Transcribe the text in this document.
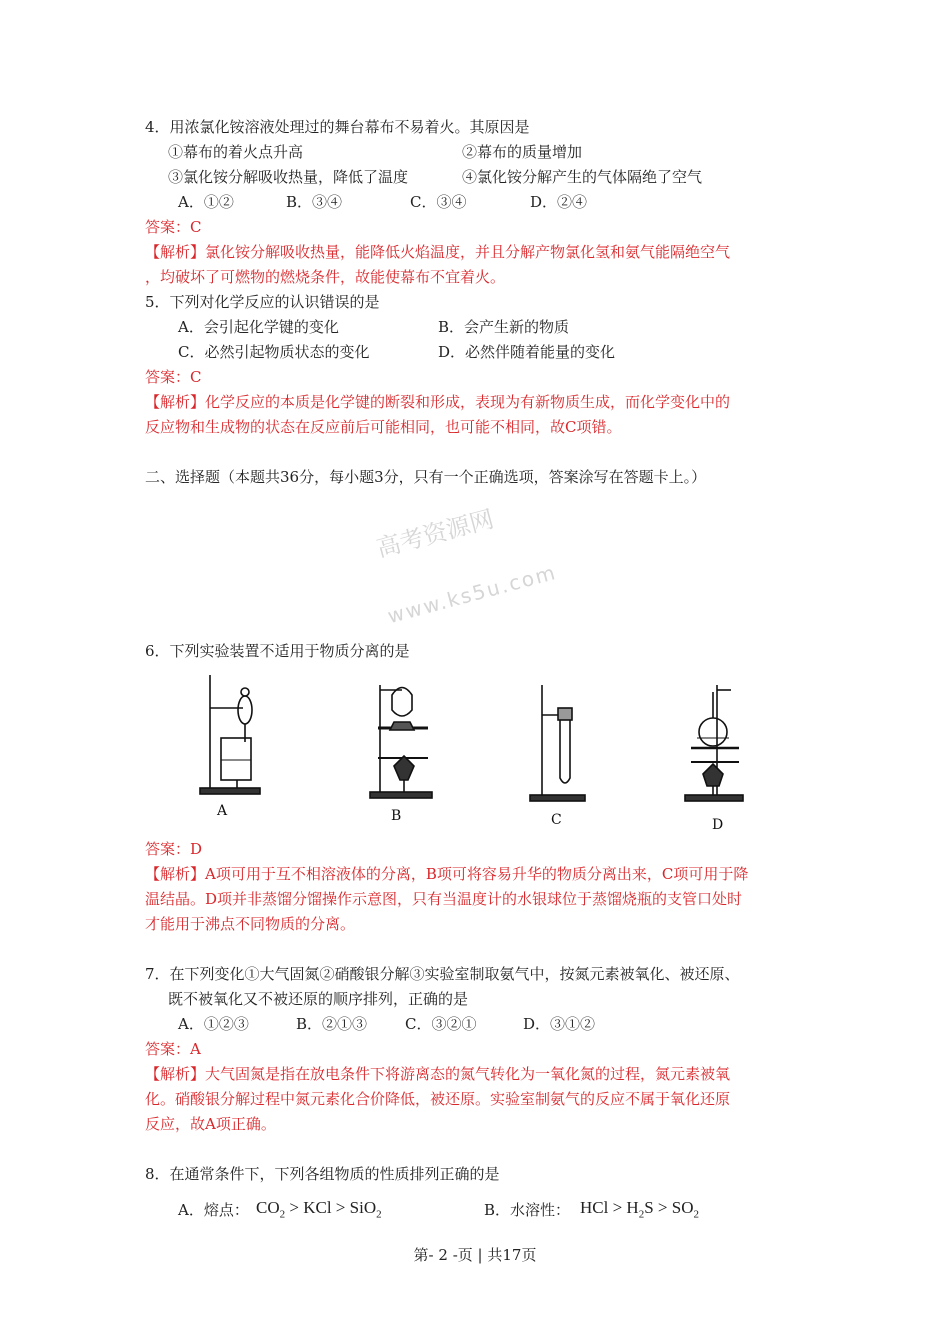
高考资源网
www.ks5u.com
4．用浓氯化铵溶液处理过的舞台幕布不易着火。其原因是
①幕布的着火点升高	②幕布的质量增加
③氯化铵分解吸收热量，降低了温度	④氯化铵分解产生的气体隔绝了空气
A．①②	B．③④	C．③④	D．②④
答案：C
【解析】氯化铵分解吸收热量，能降低火焰温度，并且分解产物氯化氢和氨气能隔绝空气
，均破坏了可燃物的燃烧条件，故能使幕布不宜着火。
5．下列对化学反应的认识错误的是
A．会引起化学键的变化	B．会产生新的物质
C．必然引起物质状态的变化	D．必然伴随着能量的变化
答案：C
【解析】化学反应的本质是化学键的断裂和形成，表现为有新物质生成，而化学变化中的
反应物和生成物的状态在反应前后可能相同，也可能不相同，故C项错。
二、选择题（本题共36分，每小题3分，只有一个正确选项，答案涂写在答题卡上。）
6．下列实验装置不适用于物质分离的是
A	B	C	D
答案：D
【解析】A项可用于互不相溶液体的分离，B项可将容易升华的物质分离出来，C项可用于降
温结晶。D项并非蒸馏分馏操作示意图，只有当温度计的水银球位于蒸馏烧瓶的支管口处时
才能用于沸点不同物质的分离。
7．在下列变化①大气固氮②硝酸银分解③实验室制取氨气中，按氮元素被氧化、被还原、
既不被氧化又不被还原的顺序排列，正确的是
A．①②③	B．②①③	C．③②①	D．③①②
答案：A
【解析】大气固氮是指在放电条件下将游离态的氮气转化为一氧化氮的过程，氮元素被氧
化。硝酸银分解过程中氮元素化合价降低，被还原。实验室制氨气的反应不属于氧化还原
反应，故A项正确。
8．在通常条件下，下列各组物质的性质排列正确的是
A．熔点： $CO_2$ > KCl > SiO$_2$	B．水溶性： HCl > $H_2S > SO_2$
第- 2 -页 | 共17页
